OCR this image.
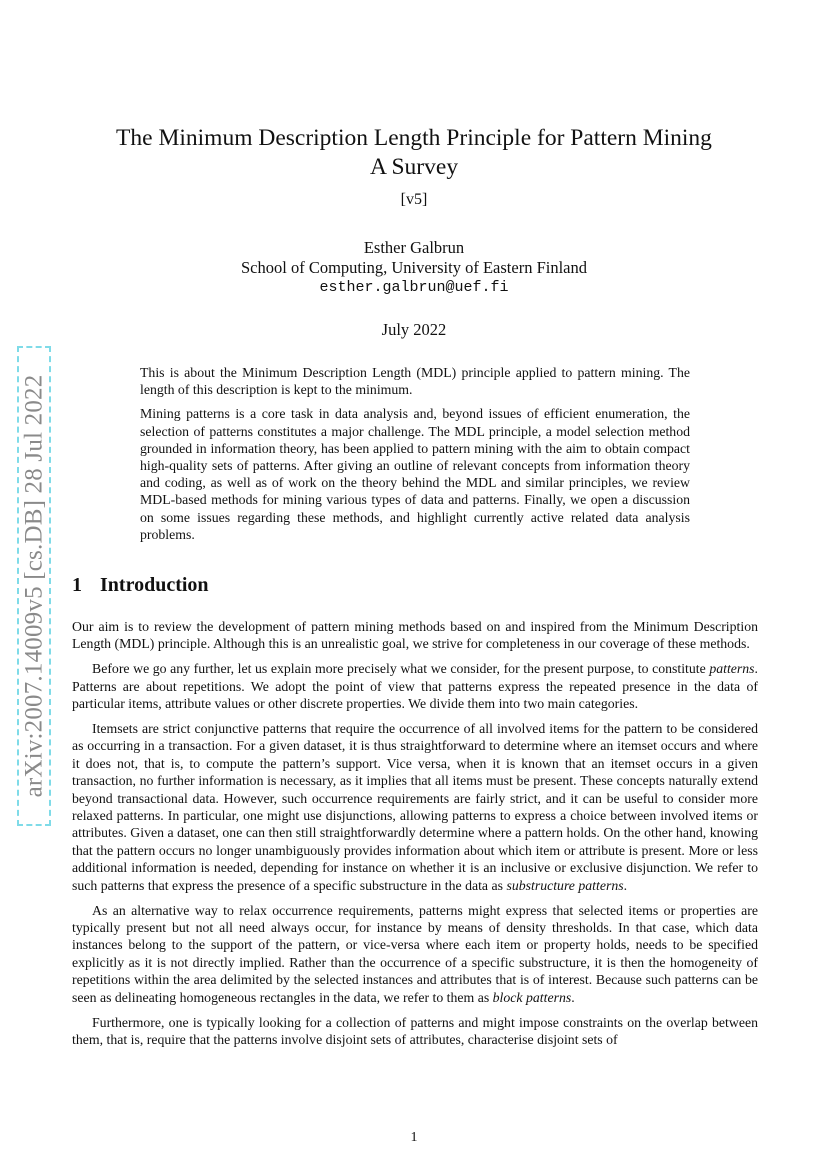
arXiv:2007.14009v5 [cs.DB] 28 Jul 2022
The Minimum Description Length Principle for Pattern Mining
A Survey
[v5]
Esther Galbrun
School of Computing, University of Eastern Finland
esther.galbrun@uef.fi
July 2022

This is about the Minimum Description Length (MDL) principle applied to pattern mining. The length of this description is kept to the minimum.

Mining patterns is a core task in data analysis and, beyond issues of efficient enumeration, the selection of patterns constitutes a major challenge. The MDL principle, a model selection method grounded in information theory, has been applied to pattern mining with the aim to obtain compact high-quality sets of patterns. After giving an outline of relevant concepts from information theory and coding, as well as of work on the theory behind the MDL and similar principles, we review MDL-based methods for mining various types of data and patterns. Finally, we open a discussion on some issues regarding these methods, and highlight currently active related data analysis problems.

1 Introduction

Our aim is to review the development of pattern mining methods based on and inspired from the Minimum Description Length (MDL) principle. Although this is an unrealistic goal, we strive for completeness in our coverage of these methods.

Before we go any further, let us explain more precisely what we consider, for the present purpose, to constitute patterns. Patterns are about repetitions. We adopt the point of view that patterns express the repeated presence in the data of particular items, attribute values or other discrete properties. We divide them into two main categories.

Itemsets are strict conjunctive patterns that require the occurrence of all involved items for the pattern to be considered as occurring in a transaction. For a given dataset, it is thus straightforward to determine where an itemset occurs and where it does not, that is, to compute the pattern’s support. Vice versa, when it is known that an itemset occurs in a given transaction, no further information is necessary, as it implies that all items must be present. These concepts naturally extend beyond transactional data. However, such occurrence requirements are fairly strict, and it can be useful to consider more relaxed patterns. In particular, one might use disjunctions, allowing patterns to express a choice between involved items or attributes. Given a dataset, one can then still straightforwardly determine where a pattern holds. On the other hand, knowing that the pattern occurs no longer unambiguously provides information about which item or attribute is present. More or less additional information is needed, depending for instance on whether it is an inclusive or exclusive disjunction. We refer to such patterns that express the presence of a specific substructure in the data as substructure patterns.

As an alternative way to relax occurrence requirements, patterns might express that selected items or properties are typically present but not all need always occur, for instance by means of density thresholds. In that case, which data instances belong to the support of the pattern, or vice-versa where each item or property holds, needs to be specified explicitly as it is not directly implied. Rather than the occurrence of a specific substructure, it is then the homogeneity of repetitions within the area delimited by the selected instances and attributes that is of interest. Because such patterns can be seen as delineating homogeneous rectangles in the data, we refer to them as block patterns.

Furthermore, one is typically looking for a collection of patterns and might impose constraints on the overlap between them, that is, require that the patterns involve disjoint sets of attributes, characterise disjoint sets of

1
